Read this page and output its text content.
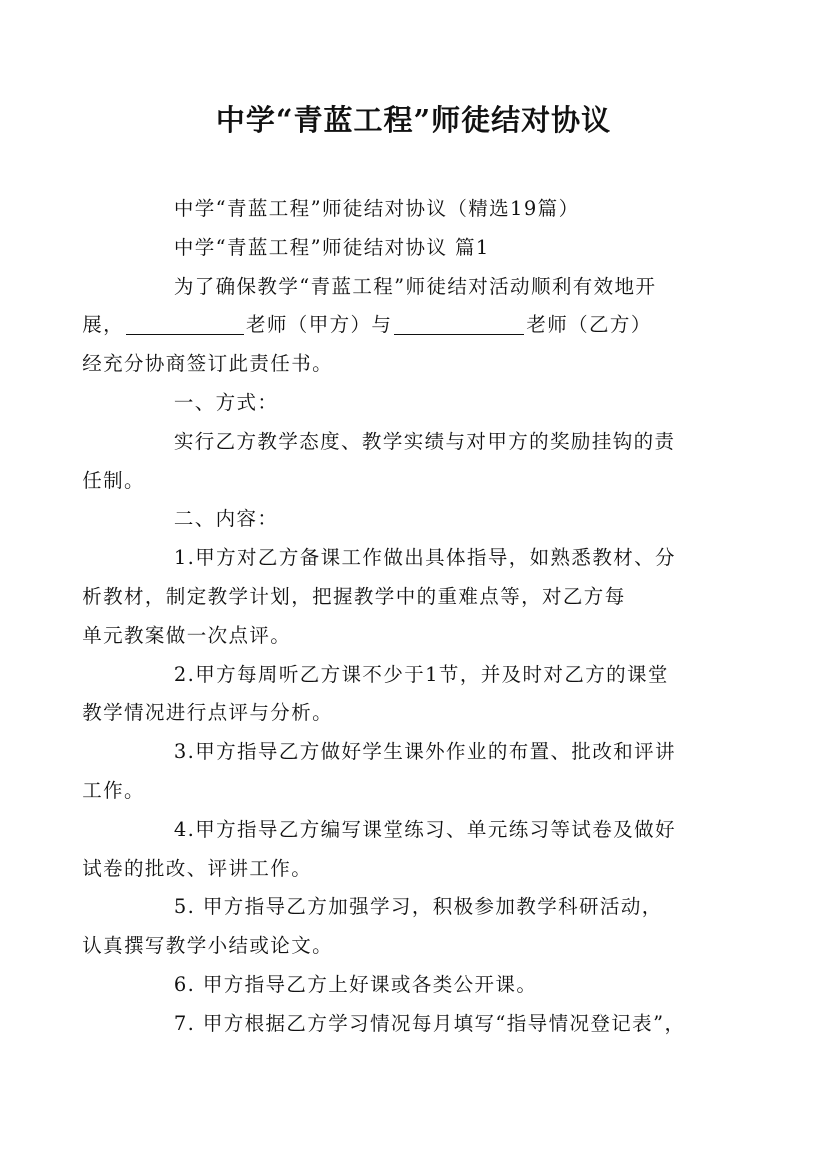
中学“青蓝工程”师徒结对协议

中学“青蓝工程”师徒结对协议（精选19篇）

中学“青蓝工程”师徒结对协议 篇1

为了确保教学“青蓝工程”师徒结对活动顺利有效地开
展，	老师（甲方）与	老师（乙方）
经充分协商签订此责任书。

一、方式：

实行乙方教学态度、教学实绩与对甲方的奖励挂钩的责
任制。

二、内容：

1.甲方对乙方备课工作做出具体指导，如熟悉教材、分
析教材，制定教学计划，把握教学中的重难点等，对乙方每
单元教案做一次点评。

2.甲方每周听乙方课不少于1节，并及时对乙方的课堂
教学情况进行点评与分析。

3.甲方指导乙方做好学生课外作业的布置、批改和评讲
工作。

4.甲方指导乙方编写课堂练习、单元练习等试卷及做好
试卷的批改、评讲工作。

5. 甲方指导乙方加强学习，积极参加教学科研活动，
认真撰写教学小结或论文。

6. 甲方指导乙方上好课或各类公开课。

7. 甲方根据乙方学习情况每月填写“指导情况登记表”，
